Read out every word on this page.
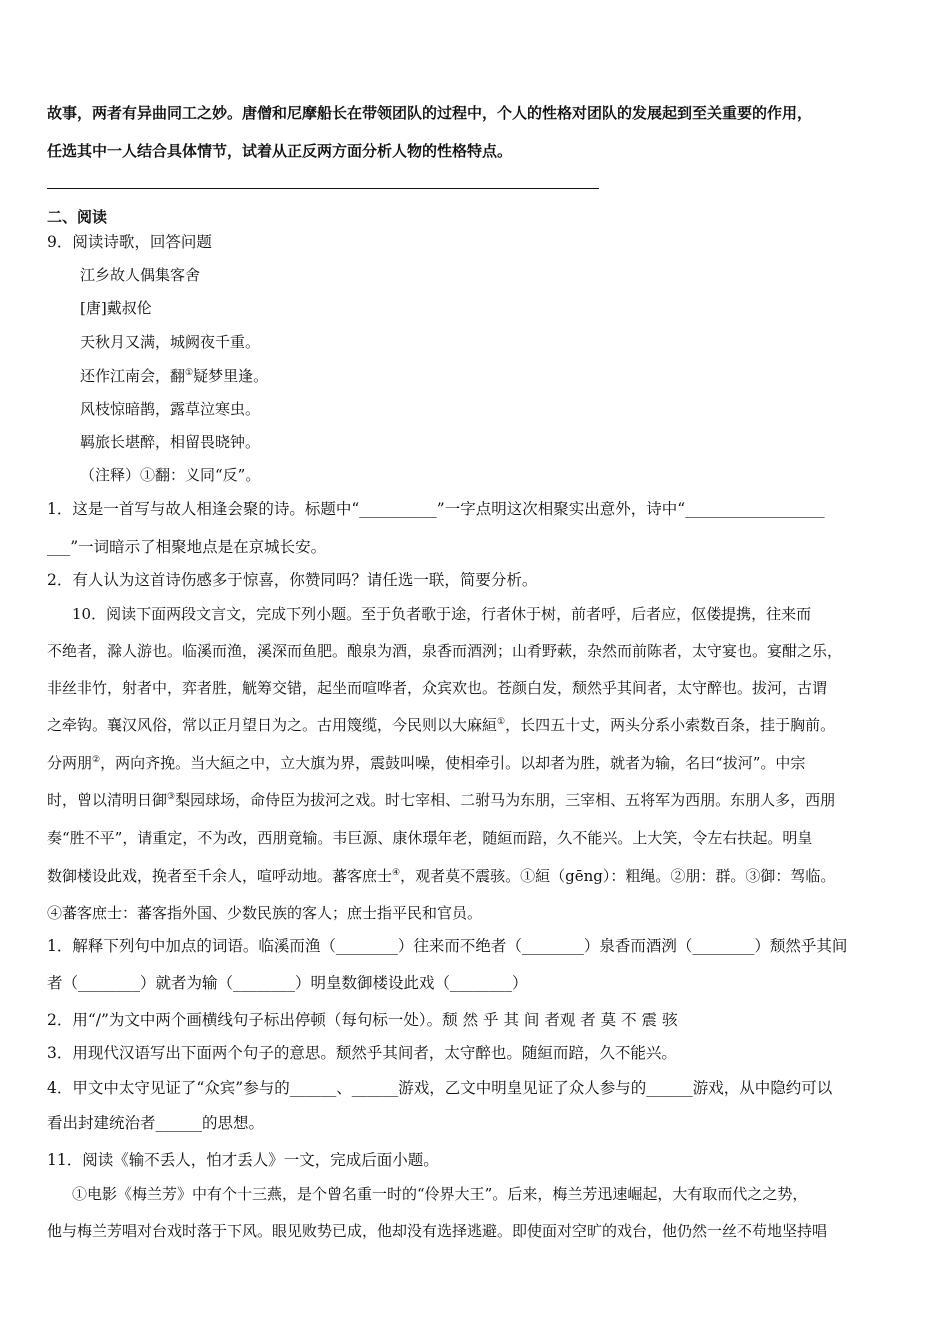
故事，两者有异曲同工之妙。唐僧和尼摩船长在带领团队的过程中，个人的性格对团队的发展起到至关重要的作用，
任选其中一人结合具体情节，试着从正反两方面分析人物的性格特点。
二、阅读
9．阅读诗歌，回答问题
江乡故人偶集客舍
[唐]戴叔伦
天秋月又满，城阙夜千重。
还作江南会，翻①疑梦里逢。
风枝惊暗鹊，露草泣寒虫。
羁旅长堪醉，相留畏晓钟。
（注释）①翻：义同“反”。
1．这是一首写与故人相逢会聚的诗。标题中“__________”一字点明这次相聚实出意外，诗中“__________________
___”一词暗示了相聚地点是在京城长安。
2．有人认为这首诗伤感多于惊喜，你赞同吗？请任选一联，简要分析。
10．阅读下面两段文言文，完成下列小题。至于负者歌于途，行者休于树，前者呼，后者应，伛偻提携，往来而
不绝者，滁人游也。临溪而渔，溪深而鱼肥。酿泉为酒，泉香而酒洌；山肴野蔌，杂然而前陈者，太守宴也。宴酣之乐，
非丝非竹，射者中，弈者胜，觥筹交错，起坐而喧哗者，众宾欢也。苍颜白发，颓然乎其间者，太守醉也。拔河，古谓
之牵钩。襄汉风俗，常以正月望日为之。古用篾缆，今民则以大麻絙①，长四五十丈，两头分系小索数百条，挂于胸前。
分两朋②，两向齐挽。当大絙之中，立大旗为界，震鼓叫噪，使相牵引。以却者为胜，就者为输，名曰“拔河”。中宗
时，曾以清明日御③梨园球场，命侍臣为拔河之戏。时七宰相、二驸马为东朋，三宰相、五将军为西朋。东朋人多，西朋
奏“胜不平”，请重定，不为改，西朋竟输。韦巨源、康休璟年老，随絙而踣，久不能兴。上大笑，令左右扶起。明皇
数御楼设此戏，挽者至千余人，喧呼动地。蕃客庶士④，观者莫不震骇。①絙（gēng）：粗绳。②朋：群。③御：驾临。
④蕃客庶士：蕃客指外国、少数民族的客人；庶士指平民和官员。
1．解释下列句中加点的词语。临溪而渔（________）往来而不绝者（________）泉香而酒洌（________）颓然乎其间
者（________）就者为输（________）明皇数御楼设此戏（________）
2．用“/”为文中两个画横线句子标出停顿（每句标一处）。颓 然 乎 其 间 者观 者 莫 不 震 骇
3．用现代汉语写出下面两个句子的意思。颓然乎其间者，太守醉也。随絙而踣，久不能兴。
4．甲文中太守见证了“众宾”参与的______、______游戏，乙文中明皇见证了众人参与的______游戏，从中隐约可以
看出封建统治者______的思想。
11．阅读《输不丢人，怕才丢人》一文，完成后面小题。
①电影《梅兰芳》中有个十三燕，是个曾名重一时的“伶界大王”。后来，梅兰芳迅速崛起，大有取而代之之势，
他与梅兰芳唱对台戏时落于下风。眼见败势已成，他却没有选择逃避。即使面对空旷的戏台，他仍然一丝不苟地坚持唱
